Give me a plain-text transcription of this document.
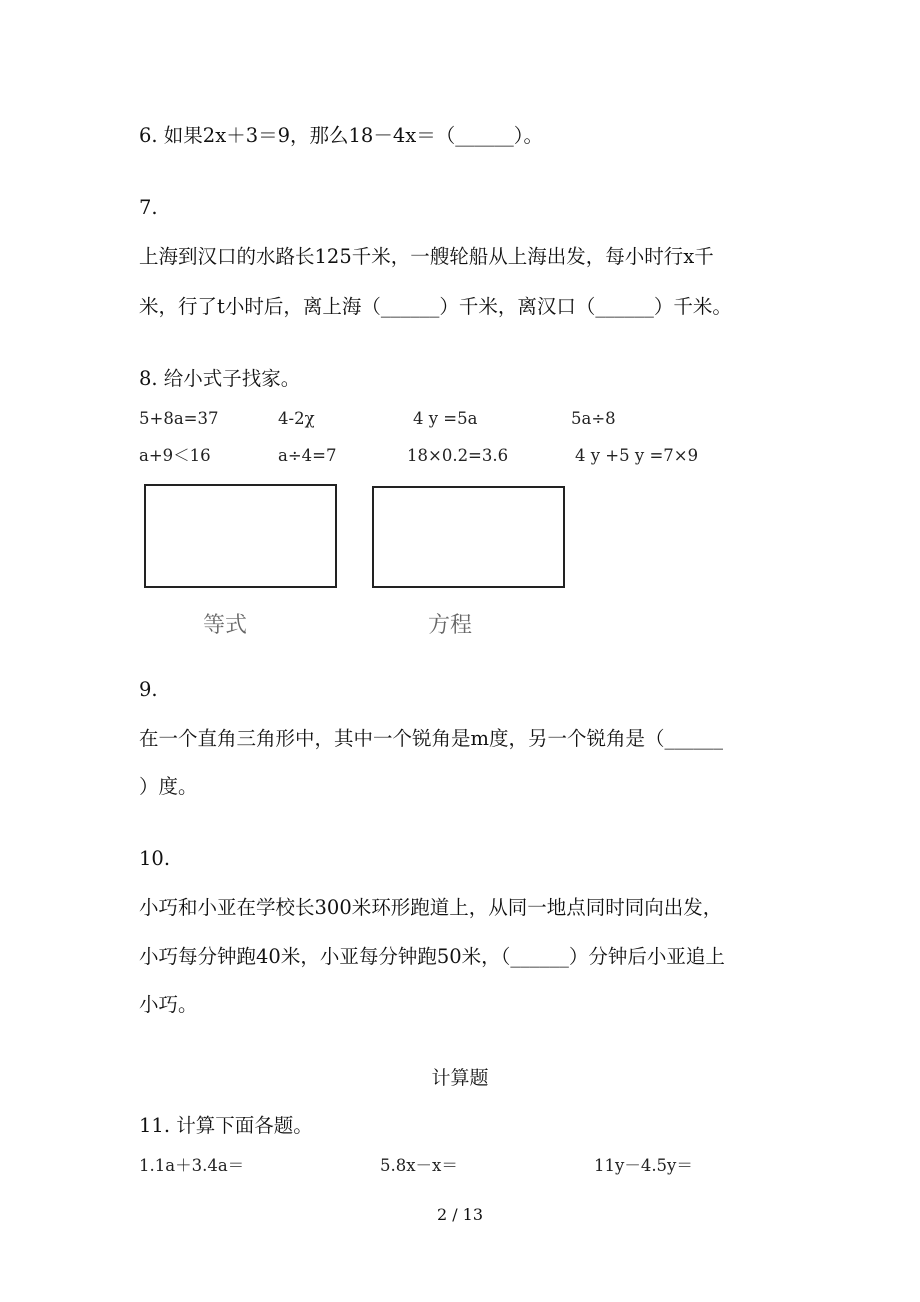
6. 如果2x＋3＝9，那么18－4x＝（______）。
7.
上海到汉口的水路长125千米，一艘轮船从上海出发，每小时行x千
米，行了t小时后，离上海（______）千米，离汉口（______）千米。
8. 给小式子找家。
5+8a=37	4-2χ	4 y =5a	5a÷8
a+9＜16	a÷4=7	18×0.2=3.6	4 y +5 y =7×9
等式	方程
9.
在一个直角三角形中，其中一个锐角是m度，另一个锐角是（______
）度。
10.
小巧和小亚在学校长300米环形跑道上，从同一地点同时同向出发，
小巧每分钟跑40米，小亚每分钟跑50米，（______）分钟后小亚追上
小巧。
计算题
11. 计算下面各题。
1.1a＋3.4a＝	5.8x－x＝	11y－4.5y＝
2 / 13
